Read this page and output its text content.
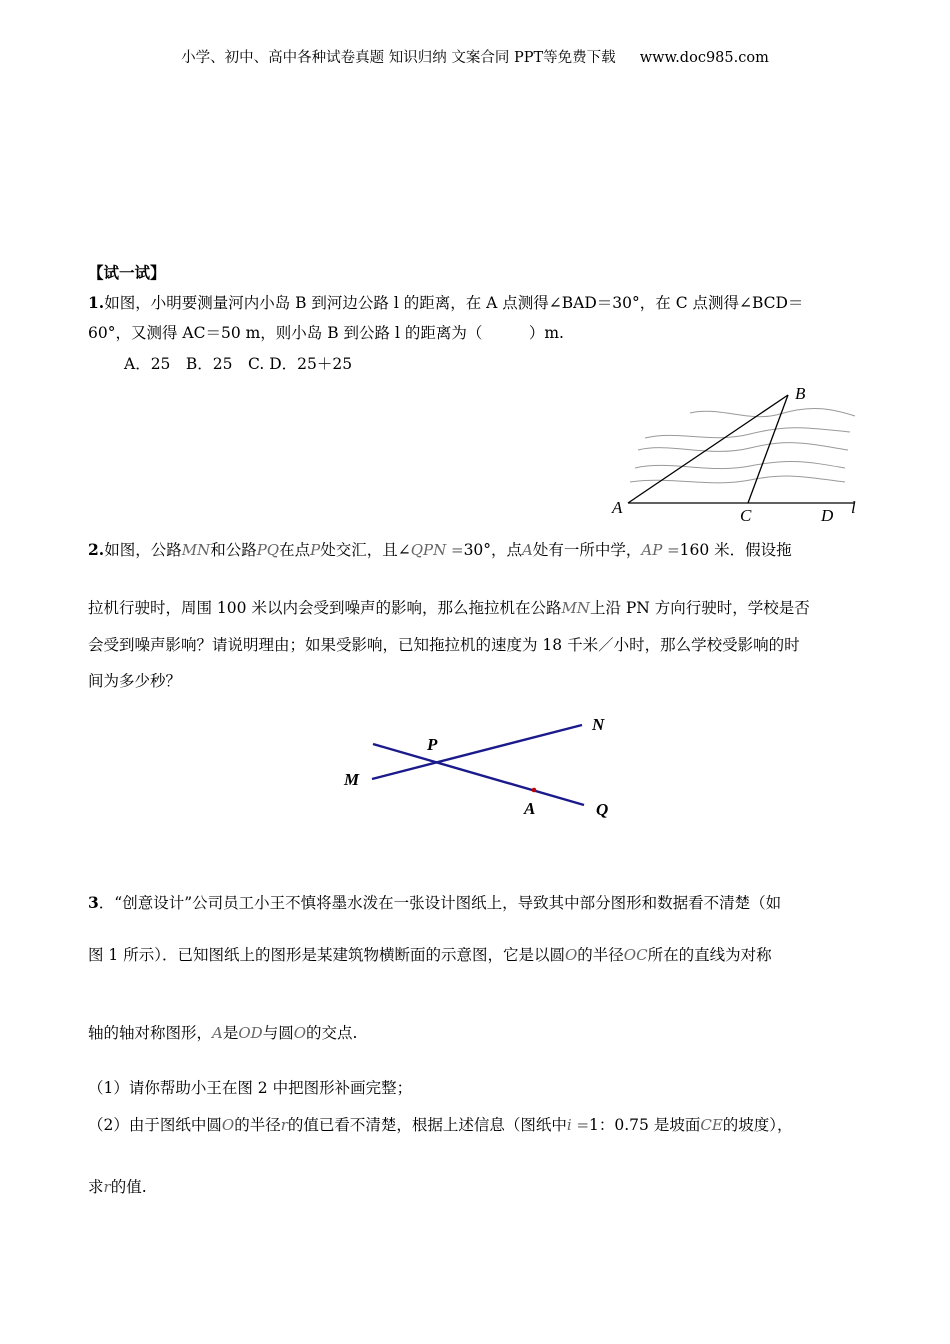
小学、初中、高中各种试卷真题 知识归纳 文案合同 PPT等免费下载 www.doc985.com
【试一试】
1.如图，小明要测量河内小岛 B 到河边公路 l 的距离，在 A 点测得∠BAD＝30°，在 C 点测得∠BCD＝
60°，又测得 AC＝50 m，则小岛 B 到公路 l 的距离为（　　　）m.
A．25　B．25　C. D．25＋25
A
B
C	D l
2.如图，公路MN和公路PQ在点P处交汇，且∠QPN =30°，点A处有一所中学，AP =160 米．假设拖
拉机行驶时，周围 100 米以内会受到噪声的影响，那么拖拉机在公路MN上沿 PN 方向行驶时，学校是否
会受到噪声影响？请说明理由；如果受影响，已知拖拉机的速度为 18 千米／小时，那么学校受影响的时
间为多少秒？
P
N
M
A	Q
3．“创意设计”公司员工小王不慎将墨水泼在一张设计图纸上，导致其中部分图形和数据看不清楚（如
图 1 所示）．已知图纸上的图形是某建筑物横断面的示意图，它是以圆O的半径OC所在的直线为对称
轴的轴对称图形，A是OD与圆O的交点.
（1）请你帮助小王在图 2 中把图形补画完整；
（2）由于图纸中圆O的半径r的值已看不清楚，根据上述信息（图纸中i =1：0.75 是坡面CE的坡度），
求r的值.
